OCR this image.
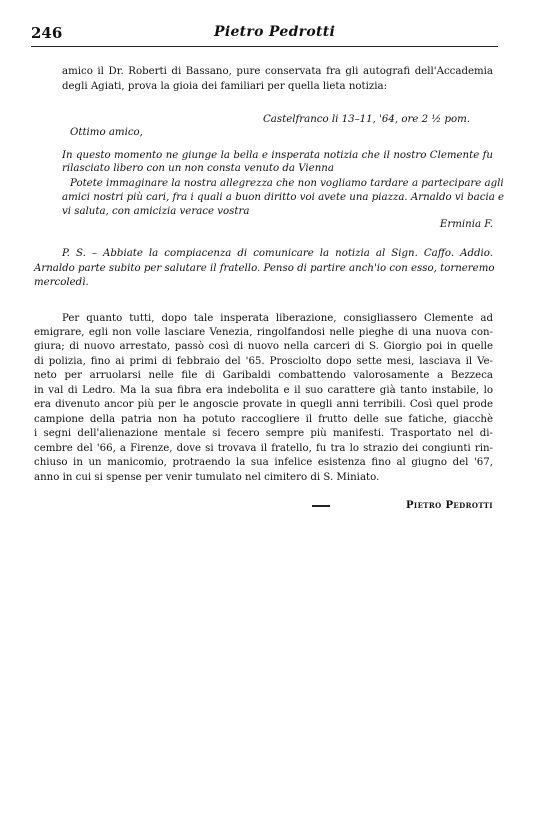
246	Pietro Pedrotti
amico il Dr. Roberti di Bassano, pure conservata fra gli autografi dell'Accademia
degli Agiati, prova la gioia dei familiari per quella lieta notizia:
Castelfranco li 13–11, '64, ore 2 ½ pom.
Ottimo amico,
In questo momento ne giunge la bella e insperata notizia che il nostro Clemente fu
rilasciato libero con un non consta venuto da Vienna
Potete immaginare la nostra allegrezza che non vogliamo tardare a partecipare agli
amici nostri più cari, fra i quali a buon diritto voi avete una piazza. Arnaldo vi bacia e
vi saluta, con amicizia verace vostra
Erminia F.
P. S. – Abbiate la compiacenza di comunicare la notizia al Sign. Caffo. Addio.
Arnaldo parte subito per salutare il fratello. Penso di partire anch'io con esso, torneremo
mercoledì.
Per quanto tutti, dopo tale insperata liberazione, consigliassero Clemente ad
emigrare, egli non volle lasciare Venezia, ringolfandosi nelle pieghe di una nuova con-
giura; di nuovo arrestato, passò così di nuovo nella carceri di S. Giorgio poi in quelle
di polizia, fino ai primi di febbraio del '65. Prosciolto dopo sette mesi, lasciava il Ve-
neto per arruolarsi nelle file di Garibaldi combattendo valorosamente a Bezzeca
in val di Ledro. Ma la sua fibra era indebolita e il suo carattere già tanto instabile, lo
era divenuto ancor più per le angoscie provate in quegli anni terribili. Così quel prode
campione della patria non ha potuto raccogliere il frutto delle sue fatiche, giacchè
i segni dell'alienazione mentale si fecero sempre più manifesti. Trasportato nel di-
cembre del '66, a Firenze, dove si trovava il fratello, fu tra lo strazio dei congiunti rin-
chiuso in un manicomio, protraendo la sua infelice esistenza fino al giugno del '67,
anno in cui si spense per venir tumulato nel cimitero di S. Miniato.
Pietro Pedrotti
